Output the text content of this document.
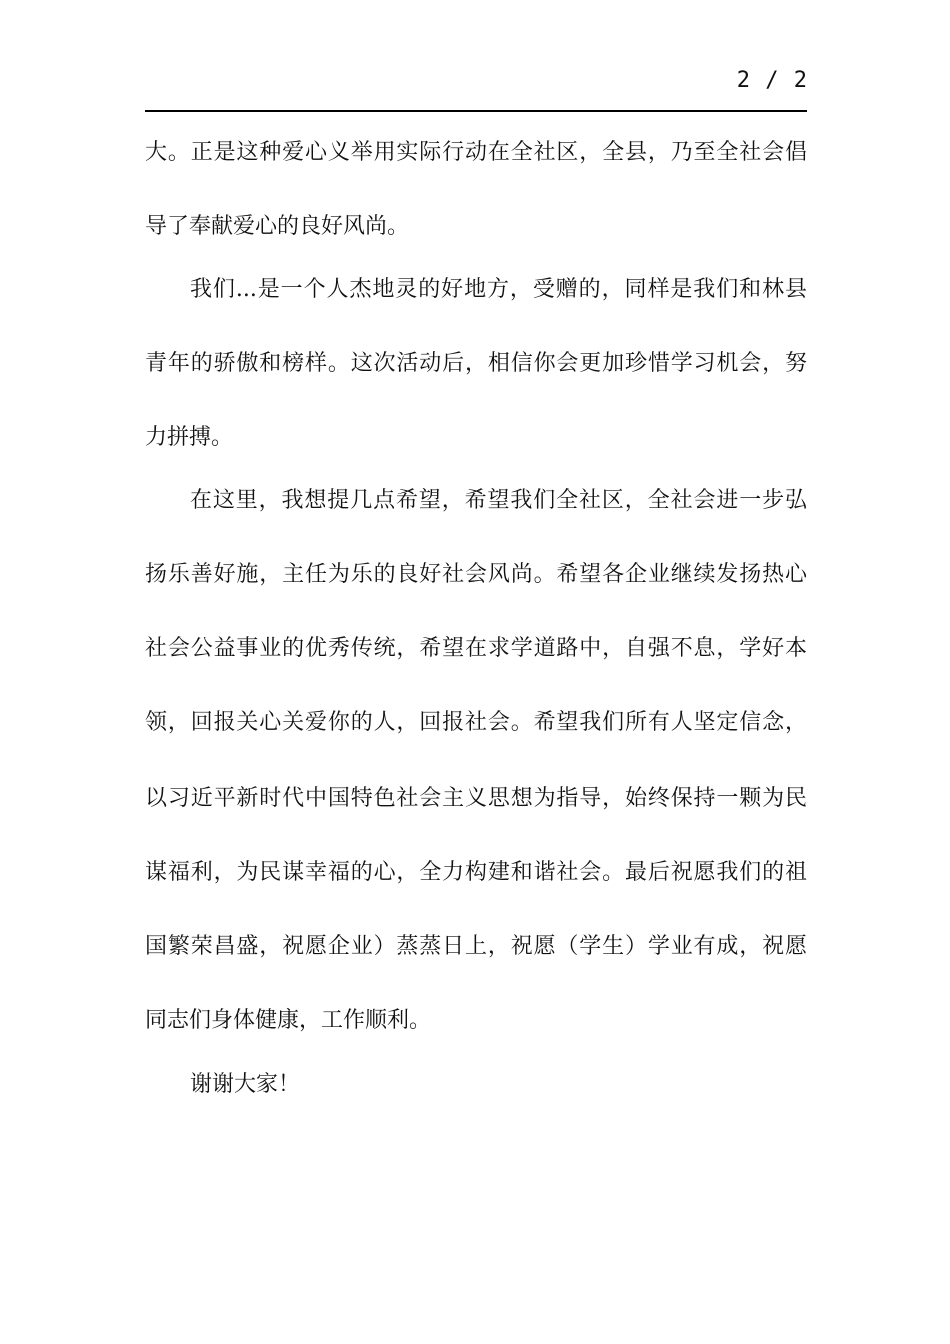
2 / 2
大。正是这种爱心义举用实际行动在全社区，全县，乃至全社会倡
导了奉献爱心的良好风尚。
我们...是一个人杰地灵的好地方，受赠的，同样是我们和林县
青年的骄傲和榜样。这次活动后，相信你会更加珍惜学习机会，努
力拼搏。
在这里，我想提几点希望，希望我们全社区，全社会进一步弘
扬乐善好施，主任为乐的良好社会风尚。希望各企业继续发扬热心
社会公益事业的优秀传统，希望在求学道路中，自强不息，学好本
领，回报关心关爱你的人，回报社会。希望我们所有人坚定信念，
以习近平新时代中国特色社会主义思想为指导，始终保持一颗为民
谋福利，为民谋幸福的心，全力构建和谐社会。最后祝愿我们的祖
国繁荣昌盛，祝愿企业）蒸蒸日上，祝愿（学生）学业有成，祝愿
同志们身体健康，工作顺利。
谢谢大家！
